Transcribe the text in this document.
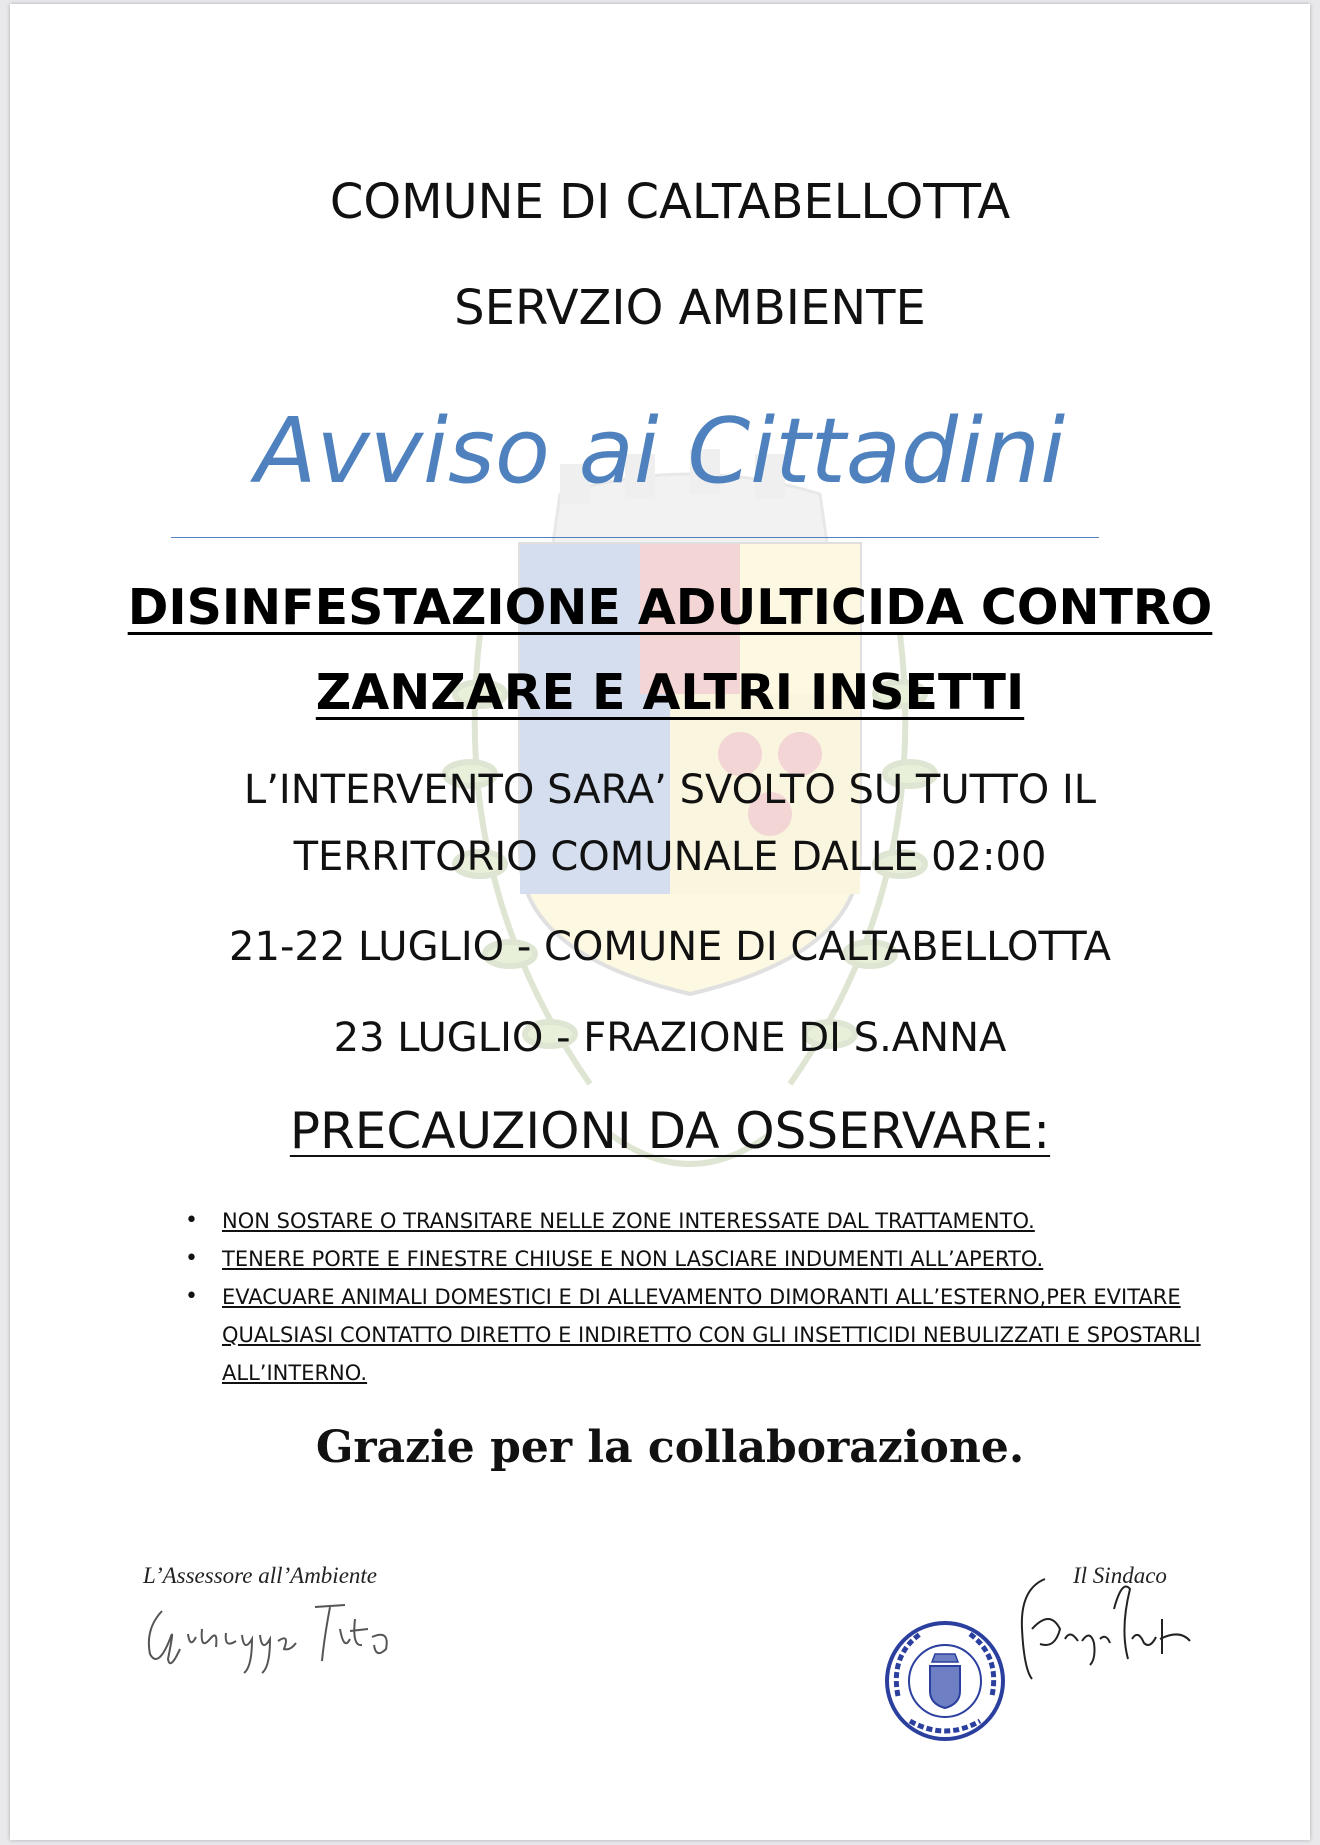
COMUNE DI CALTABELLOTTA
SERVZIO AMBIENTE
Avviso ai Cittadini
DISINFESTAZIONE ADULTICIDA CONTRO
ZANZARE E ALTRI INSETTI
L’INTERVENTO SARA’ SVOLTO SU TUTTO IL
TERRITORIO COMUNALE DALLE 02:00
21-22 LUGLIO - COMUNE DI CALTABELLOTTA
23 LUGLIO - FRAZIONE DI S.ANNA
PRECAUZIONI DA OSSERVARE:
• NON SOSTARE O TRANSITARE NELLE ZONE INTERESSATE DAL TRATTAMENTO.
• TENERE PORTE E FINESTRE CHIUSE E NON LASCIARE INDUMENTI ALL’APERTO.
• EVACUARE ANIMALI DOMESTICI E DI ALLEVAMENTO DIMORANTI ALL’ESTERNO,PER EVITARE QUALSIASI CONTATTO DIRETTO E INDIRETTO CON GLI INSETTICIDI NEBULIZZATI E SPOSTARLI ALL’INTERNO.
Grazie per la collaborazione.
L’Assessore all’Ambiente	Il Sindaco
